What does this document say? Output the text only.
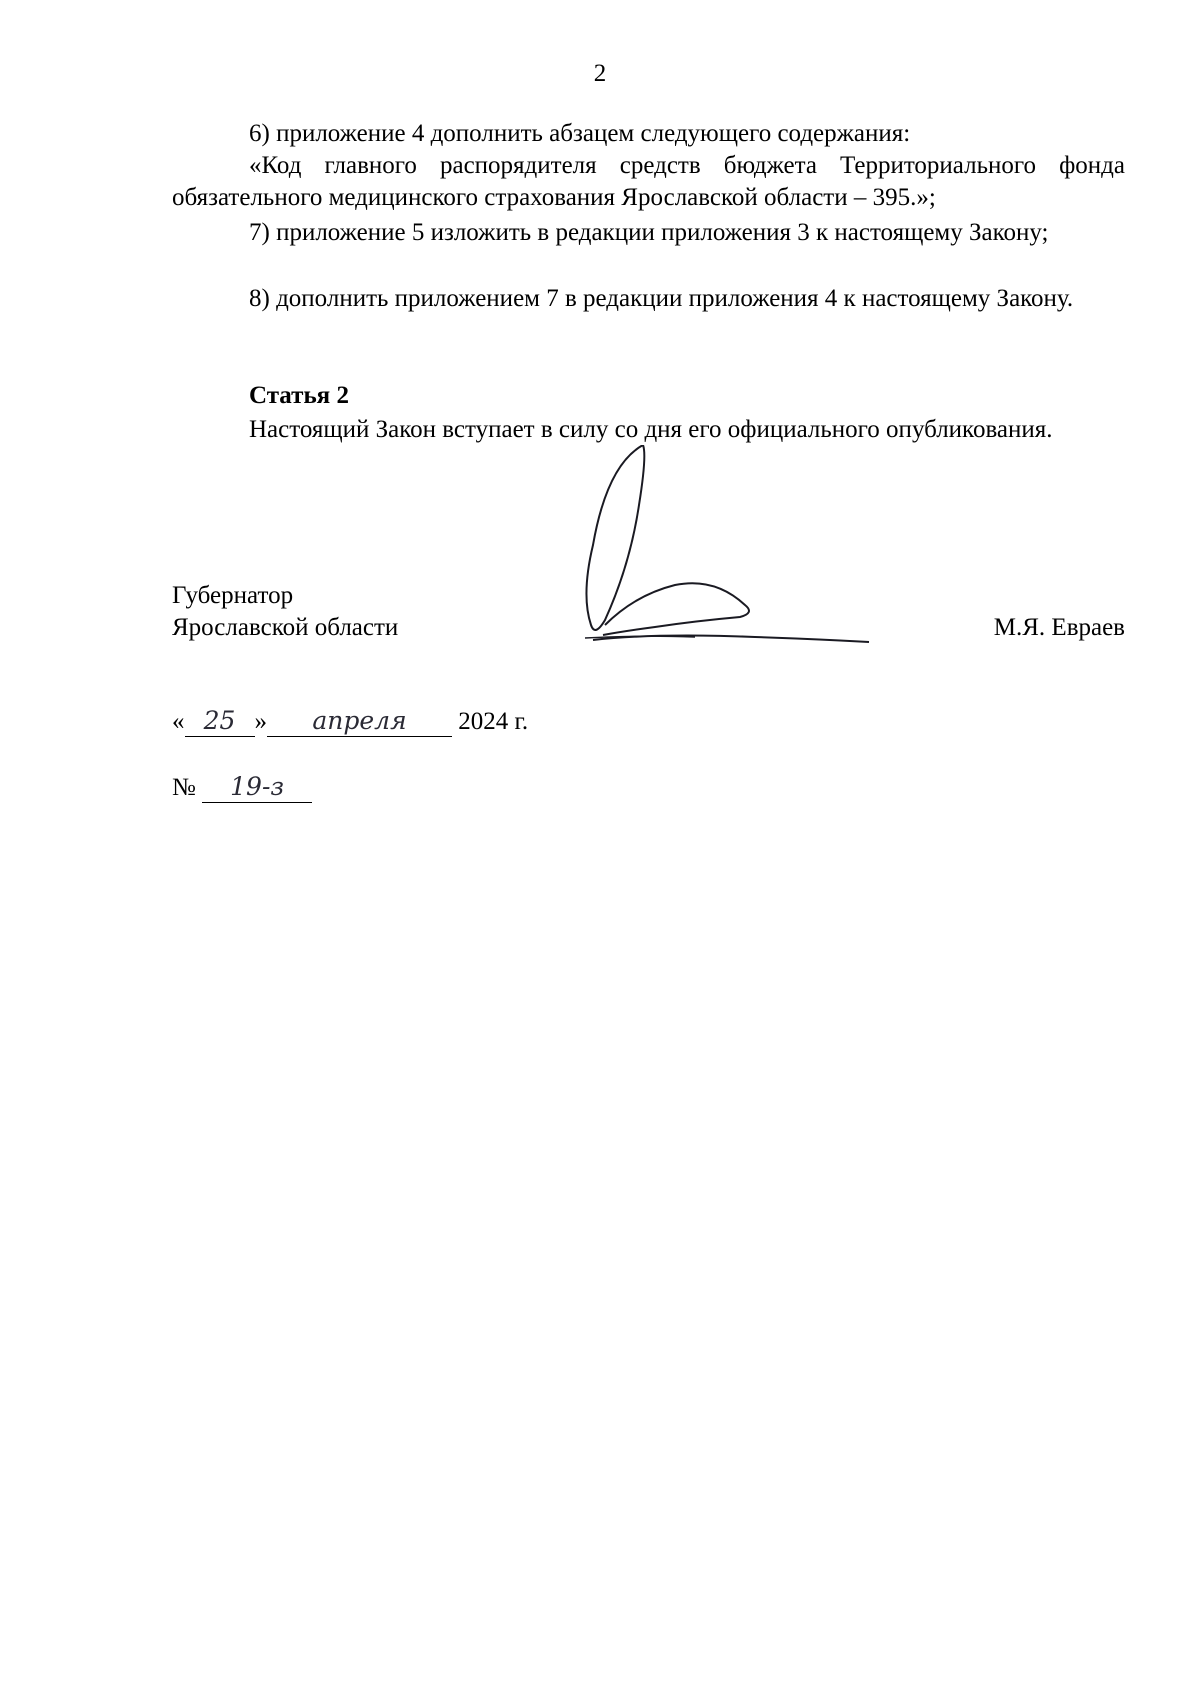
2
6) приложение 4 дополнить абзацем следующего содержания:
«Код главного распорядителя средств бюджета Территориального фонда обязательного медицинского страхования Ярославской области – 395.»;
7) приложение 5 изложить в редакции приложения 3 к настоящему Закону;
8) дополнить приложением 7 в редакции приложения 4 к настоящему Закону.
Статья 2
Настоящий Закон вступает в силу со дня его официального опубликования.
Губернатор
Ярославской области	М.Я. Евраев
« 25 » апреля 2024 г.
№ 19-з
